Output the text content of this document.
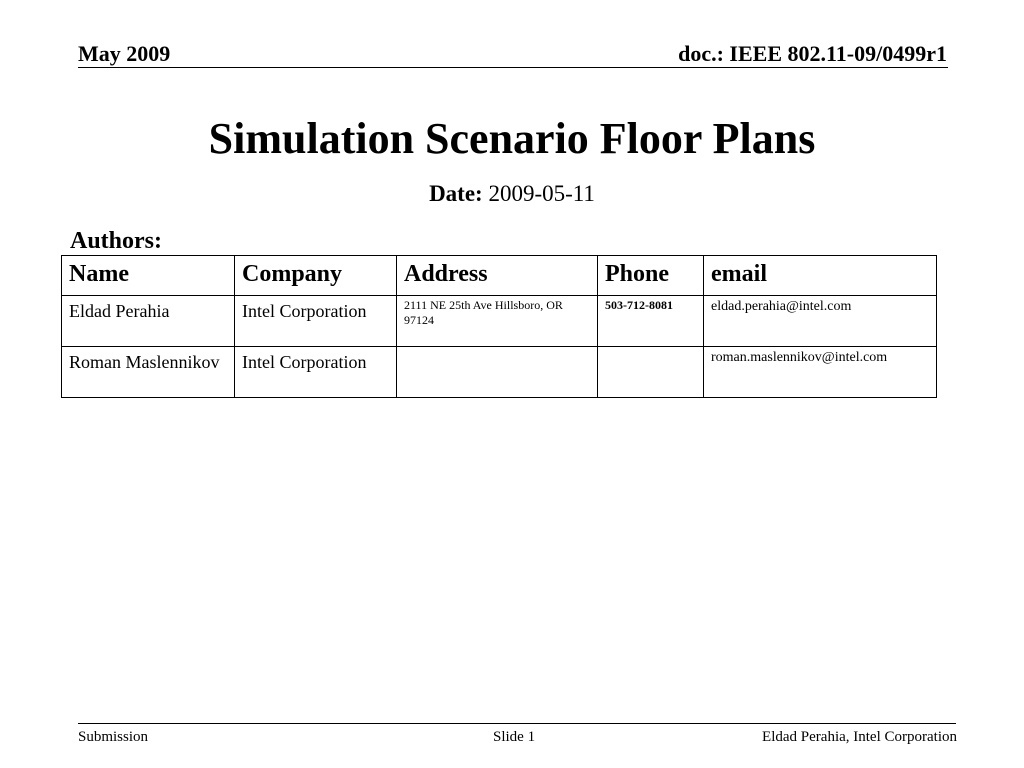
May 2009	doc.: IEEE 802.11-09/0499r1
Simulation Scenario Floor Plans
Date: 2009-05-11
Authors:
Name	Company	Address	Phone	email
Eldad Perahia	Intel Corporation	2111 NE 25th Ave Hillsboro, OR 97124	503-712-8081	eldad.perahia@intel.com
Roman Maslennikov	Intel Corporation			roman.maslennikov@intel.com
Submission	Slide 1	Eldad Perahia, Intel Corporation
